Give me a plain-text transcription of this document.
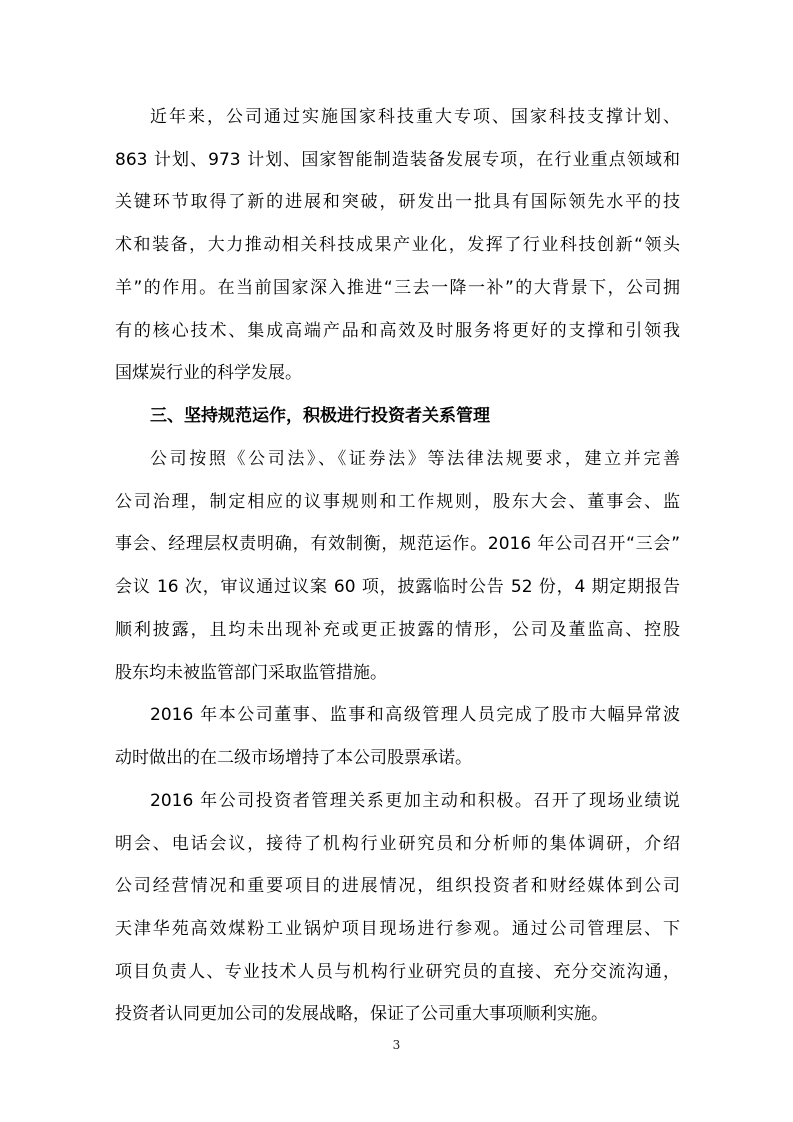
近年来，公司通过实施国家科技重大专项、国家科技支撑计划、
863 计划、973 计划、国家智能制造装备发展专项，在行业重点领域和
关键环节取得了新的进展和突破，研发出一批具有国际领先水平的技
术和装备，大力推动相关科技成果产业化，发挥了行业科技创新“领头
羊”的作用。在当前国家深入推进“三去一降一补”的大背景下，公司拥
有的核心技术、集成高端产品和高效及时服务将更好的支撑和引领我
国煤炭行业的科学发展。
三、坚持规范运作，积极进行投资者关系管理
公司按照《公司法》、《证券法》等法律法规要求，建立并完善
公司治理，制定相应的议事规则和工作规则，股东大会、董事会、监
事会、经理层权责明确，有效制衡，规范运作。2016 年公司召开“三会”
会议 16 次，审议通过议案 60 项，披露临时公告 52 份，4 期定期报告
顺利披露，且均未出现补充或更正披露的情形，公司及董监高、控股
股东均未被监管部门采取监管措施。
2016 年本公司董事、监事和高级管理人员完成了股市大幅异常波
动时做出的在二级市场增持了本公司股票承诺。
2016 年公司投资者管理关系更加主动和积极。召开了现场业绩说
明会、电话会议，接待了机构行业研究员和分析师的集体调研，介绍
公司经营情况和重要项目的进展情况，组织投资者和财经媒体到公司
天津华苑高效煤粉工业锅炉项目现场进行参观。通过公司管理层、下
项目负责人、专业技术人员与机构行业研究员的直接、充分交流沟通，
投资者认同更加公司的发展战略，保证了公司重大事项顺利实施。
3
